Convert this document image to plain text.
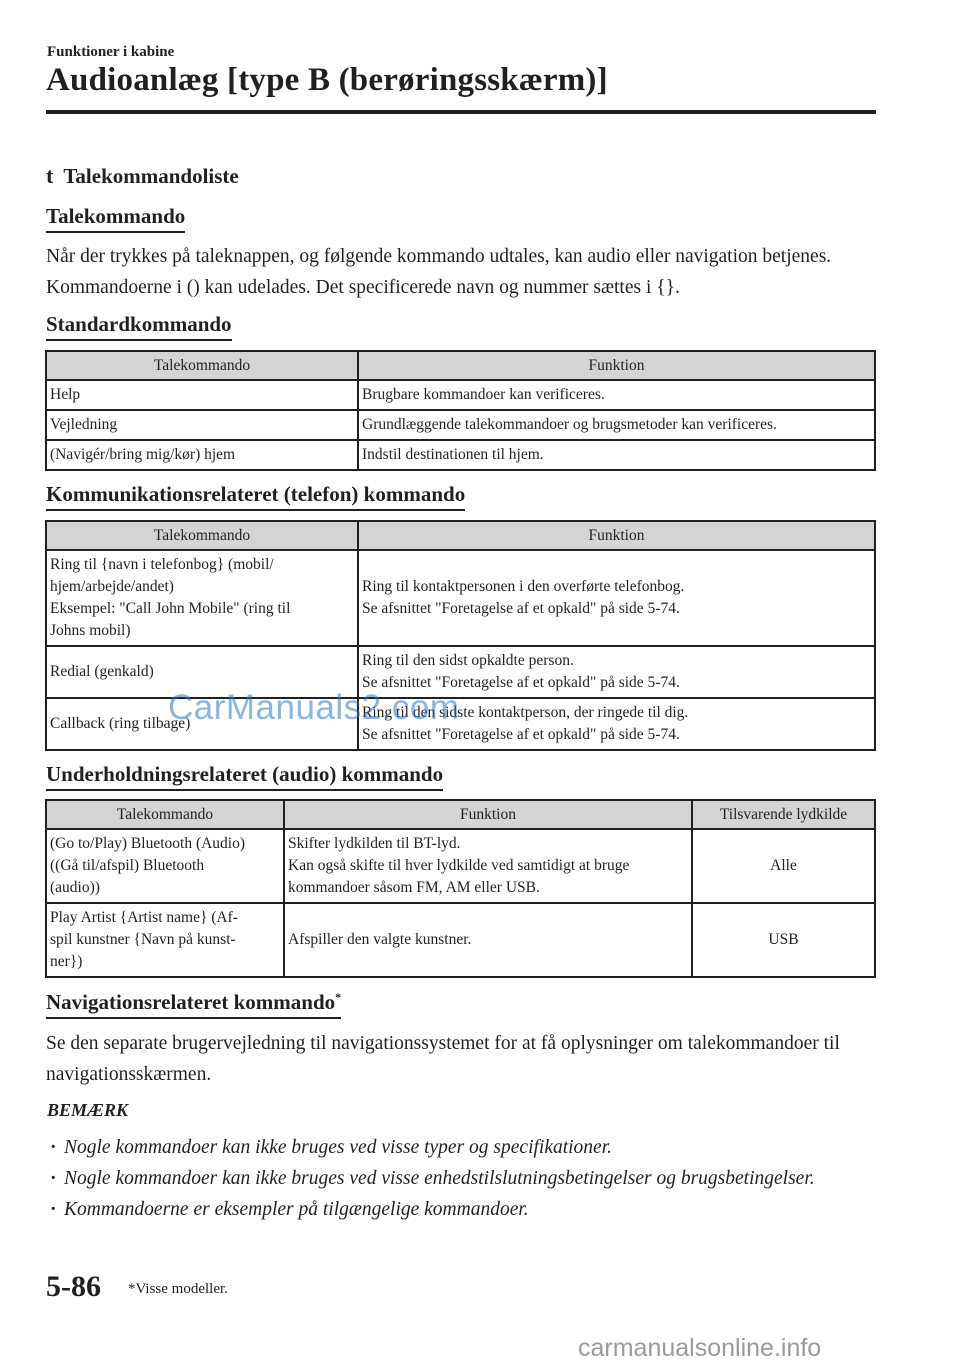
Funktioner i kabine
Audioanlæg [type B (berøringsskærm)]
t Talekommandoliste
Talekommando
Når der trykkes på taleknappen, og følgende kommando udtales, kan audio eller navigation betjenes. Kommandoerne i () kan udelades. Det specificerede navn og nummer sættes i {}.
Standardkommando
Talekommando	Funktion
Help	Brugbare kommandoer kan verificeres.
Vejledning	Grundlæggende talekommandoer og brugsmetoder kan verificeres.
(Navigér/bring mig/kør) hjem	Indstil destinationen til hjem.
Kommunikationsrelateret (telefon) kommando
Talekommando	Funktion
Ring til {navn i telefonbog} (mobil/
hjem/arbejde/andet)
Eksempel: "Call John Mobile" (ring til
Johns mobil)	Ring til kontaktpersonen i den overførte telefonbog.
Se afsnittet "Foretagelse af et opkald" på side 5-74.
Redial (genkald)	Ring til den sidst opkaldte person.
Se afsnittet "Foretagelse af et opkald" på side 5-74.
Callback (ring tilbage)	Ring til den sidste kontaktperson, der ringede til dig.
Se afsnittet "Foretagelse af et opkald" på side 5-74.
Underholdningsrelateret (audio) kommando
Talekommando	Funktion	Tilsvarende lydkilde
(Go to/Play) Bluetooth (Audio)
((Gå til/afspil) Bluetooth
(audio))	Skifter lydkilden til BT-lyd.
Kan også skifte til hver lydkilde ved samtidigt at bruge
kommandoer såsom FM, AM eller USB.	Alle
Play Artist {Artist name} (Af-
spil kunstner {Navn på kunst-
ner})	Afspiller den valgte kunstner.	USB
Navigationsrelateret kommando*
Se den separate brugervejledning til navigationssystemet for at få oplysninger om talekommandoer til navigationsskærmen.
BEMÆRK
· Nogle kommandoer kan ikke bruges ved visse typer og specifikationer.
· Nogle kommandoer kan ikke bruges ved visse enhedstilslutningsbetingelser og brugsbetingelser.
· Kommandoerne er eksempler på tilgængelige kommandoer.
CarManuals2.com
5-86 *Visse modeller.
carmanualsonline.info
